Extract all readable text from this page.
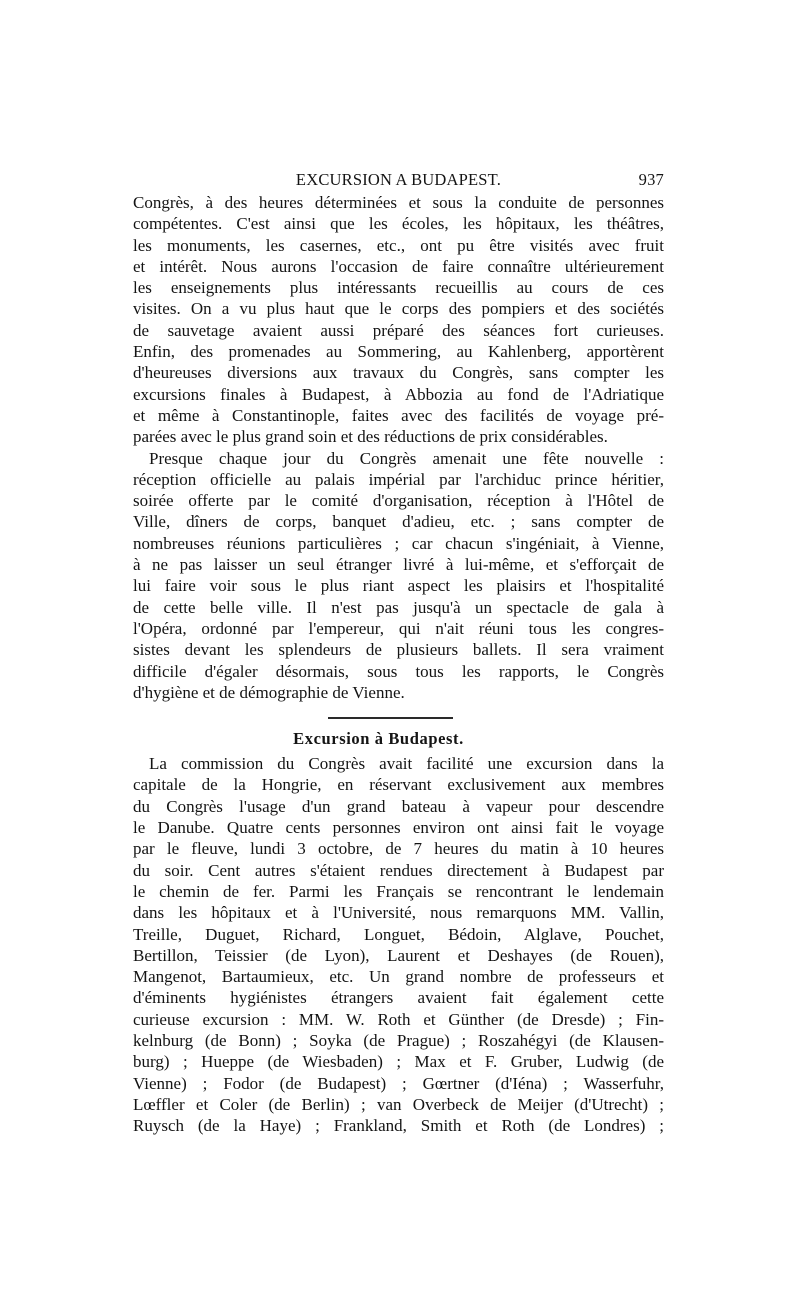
EXCURSION A BUDAPEST.	937

Congrès, à des heures déterminées et sous la conduite de personnes
compétentes. C'est ainsi que les écoles, les hôpitaux, les théâtres,
les monuments, les casernes, etc., ont pu être visités avec fruit
et intérêt. Nous aurons l'occasion de faire connaître ultérieurement
les enseignements plus intéressants recueillis au cours de ces
visites. On a vu plus haut que le corps des pompiers et des sociétés
de sauvetage avaient aussi préparé des séances fort curieuses.
Enfin, des promenades au Sommering, au Kahlenberg, apportèrent
d'heureuses diversions aux travaux du Congrès, sans compter les
excursions finales à Budapest, à Abbozia au fond de l'Adriatique
et même à Constantinople, faites avec des facilités de voyage pré-
parées avec le plus grand soin et des réductions de prix considérables.

Presque chaque jour du Congrès amenait une fête nouvelle :
réception officielle au palais impérial par l'archiduc prince héritier,
soirée offerte par le comité d'organisation, réception à l'Hôtel de
Ville, dîners de corps, banquet d'adieu, etc. ; sans compter de
nombreuses réunions particulières ; car chacun s'ingéniait, à Vienne,
à ne pas laisser un seul étranger livré à lui-même, et s'efforçait de
lui faire voir sous le plus riant aspect les plaisirs et l'hospitalité
de cette belle ville. Il n'est pas jusqu'à un spectacle de gala à
l'Opéra, ordonné par l'empereur, qui n'ait réuni tous les congres-
sistes devant les splendeurs de plusieurs ballets. Il sera vraiment
difficile d'égaler désormais, sous tous les rapports, le Congrès
d'hygiène et de démographie de Vienne.

Excursion à Budapest.

La commission du Congrès avait facilité une excursion dans la
capitale de la Hongrie, en réservant exclusivement aux membres
du Congrès l'usage d'un grand bateau à vapeur pour descendre
le Danube. Quatre cents personnes environ ont ainsi fait le voyage
par le fleuve, lundi 3 octobre, de 7 heures du matin à 10 heures
du soir. Cent autres s'étaient rendues directement à Budapest par
le chemin de fer. Parmi les Français se rencontrant le lendemain
dans les hôpitaux et à l'Université, nous remarquons MM. Vallin,
Treille, Duguet, Richard, Longuet, Bédoin, Alglave, Pouchet,
Bertillon, Teissier (de Lyon), Laurent et Deshayes (de Rouen),
Mangenot, Bartaumieux, etc. Un grand nombre de professeurs et
d'éminents hygiénistes étrangers avaient fait également cette
curieuse excursion : MM. W. Roth et Günther (de Dresde) ; Fin-
kelnburg (de Bonn) ; Soyka (de Prague) ; Roszahégyi (de Klausen-
burg) ; Hueppe (de Wiesbaden) ; Max et F. Gruber, Ludwig (de
Vienne) ; Fodor (de Budapest) ; Gœrtner (d'Iéna) ; Wasserfuhr,
Lœffler et Coler (de Berlin) ; van Overbeck de Meijer (d'Utrecht) ;
Ruysch (de la Haye) ; Frankland, Smith et Roth (de Londres) ;
